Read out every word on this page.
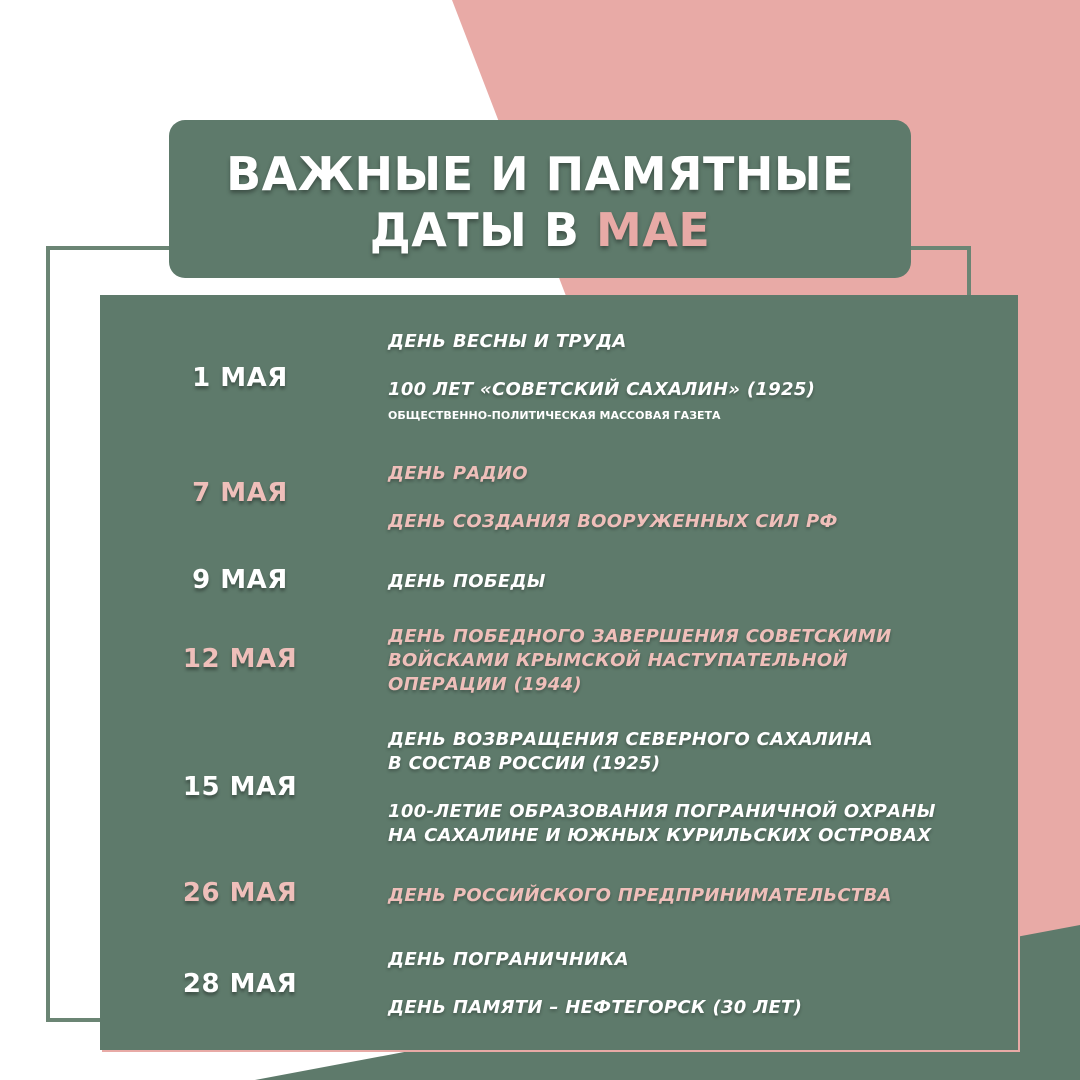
1 МАЯ
ДЕНЬ ВЕСНЫ И ТРУДА
100 ЛЕТ «СОВЕТСКИЙ САХАЛИН» (1925)
ОБЩЕСТВЕННО-ПОЛИТИЧЕСКАЯ МАССОВАЯ ГАЗЕТА
7 МАЯ
ДЕНЬ РАДИО
ДЕНЬ СОЗДАНИЯ ВООРУЖЕННЫХ СИЛ РФ
9 МАЯ	ДЕНЬ ПОБЕДЫ
12 МАЯ
ДЕНЬ ПОБЕДНОГО ЗАВЕРШЕНИЯ СОВЕТСКИМИ
ВОЙСКАМИ КРЫМСКОЙ НАСТУПАТЕЛЬНОЙ
ОПЕРАЦИИ (1944)
15 МАЯ
ДЕНЬ ВОЗВРАЩЕНИЯ СЕВЕРНОГО САХАЛИНА
В СОСТАВ РОССИИ (1925)
100-ЛЕТИЕ ОБРАЗОВАНИЯ ПОГРАНИЧНОЙ ОХРАНЫ
НА САХАЛИНЕ И ЮЖНЫХ КУРИЛЬСКИХ ОСТРОВАХ
26 МАЯ	ДЕНЬ РОССИЙСКОГО ПРЕДПРИНИМАТЕЛЬСТВА
28 МАЯ
ДЕНЬ ПОГРАНИЧНИКА
ДЕНЬ ПАМЯТИ – НЕФТЕГОРСК (30 ЛЕТ)
ВАЖНЫЕ И ПАМЯТНЫЕ
ДАТЫ В МАЕ
